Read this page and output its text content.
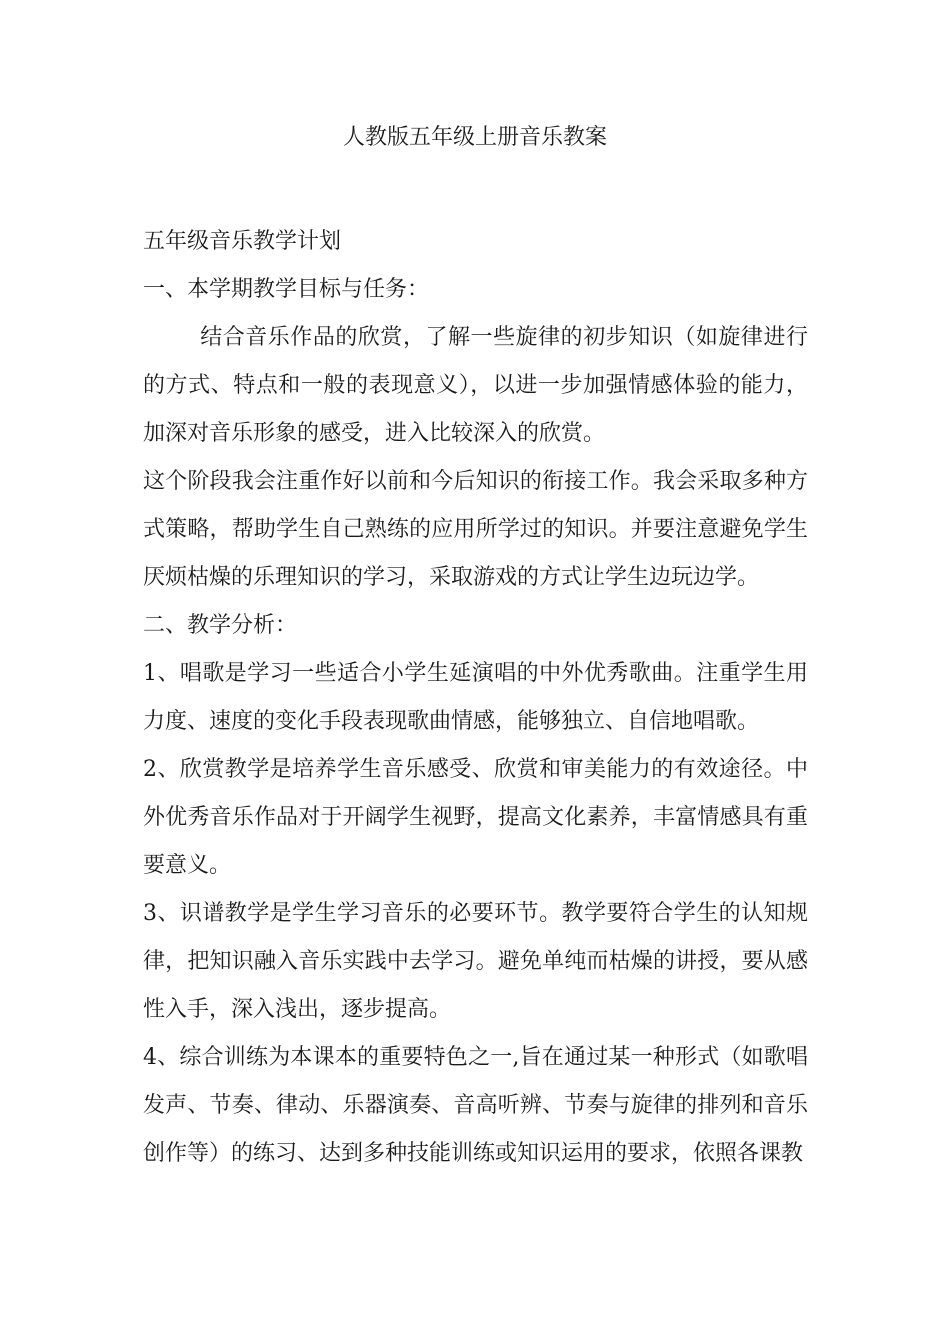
人教版五年级上册音乐教案

五年级音乐教学计划

一、本学期教学目标与任务：

结合音乐作品的欣赏，了解一些旋律的初步知识（如旋律进行的方式、特点和一般的表现意义），以进一步加强情感体验的能力，加深对音乐形象的感受，进入比较深入的欣赏。

这个阶段我会注重作好以前和今后知识的衔接工作。我会采取多种方式策略，帮助学生自己熟练的应用所学过的知识。并要注意避免学生厌烦枯燥的乐理知识的学习，采取游戏的方式让学生边玩边学。

二、教学分析：

1、唱歌是学习一些适合小学生延演唱的中外优秀歌曲。注重学生用力度、速度的变化手段表现歌曲情感，能够独立、自信地唱歌。

2、欣赏教学是培养学生音乐感受、欣赏和审美能力的有效途径。中外优秀音乐作品对于开阔学生视野，提高文化素养，丰富情感具有重要意义。

3、识谱教学是学生学习音乐的必要环节。教学要符合学生的认知规律，把知识融入音乐实践中去学习。避免单纯而枯燥的讲授，要从感性入手，深入浅出，逐步提高。

4、综合训练为本课本的重要特色之一,旨在通过某一种形式（如歌唱发声、节奏、律动、乐器演奏、音高听辨、节奏与旋律的排列和音乐创作等）的练习、达到多种技能训练或知识运用的要求，依照各课教
